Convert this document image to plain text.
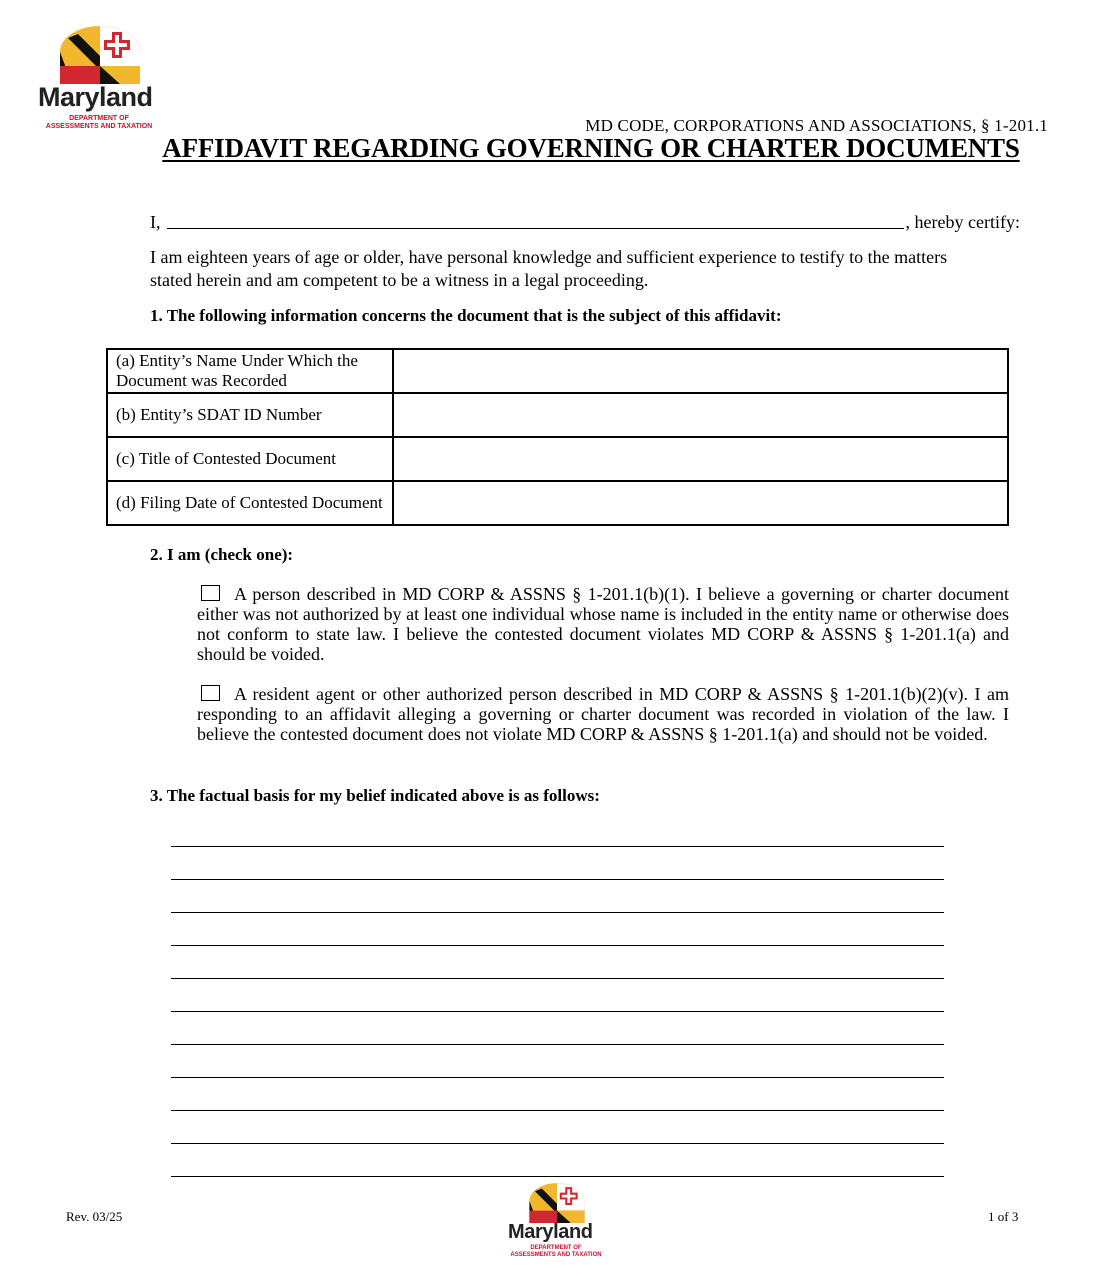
Maryland
DEPARTMENT OF
ASSESSMENTS AND TAXATION	MD CODE, CORPORATIONS AND ASSOCIATIONS, § 1-201.1
AFFIDAVIT REGARDING GOVERNING OR CHARTER DOCUMENTS
I,	, hereby certify:
I am eighteen years of age or older, have personal knowledge and sufficient experience to testify to the matters stated herein and am competent to be a witness in a legal proceeding.
1. The following information concerns the document that is the subject of this affidavit:
(a) Entity’s Name Under Which the Document was Recorded	
(b) Entity’s SDAT ID Number	
(c) Title of Contested Document	
(d) Filing Date of Contested Document	
2. I am (check one):
A person described in MD CORP & ASSNS § 1-201.1(b)(1). I believe a governing or charter document either was not authorized by at least one individual whose name is included in the entity name or otherwise does not conform to state law. I believe the contested document violates MD CORP & ASSNS § 1-201.1(a) and should be voided.
A resident agent or other authorized person described in MD CORP & ASSNS § 1-201.1(b)(2)(v). I am responding to an affidavit alleging a governing or charter document was recorded in violation of the law. I believe the contested document does not violate MD CORP & ASSNS § 1-201.1(a) and should not be voided.
3. The factual basis for my belief indicated above is as follows:
Rev. 03/25	1 of 3
Maryland
DEPARTMENT OF
ASSESSMENTS AND TAXATION
